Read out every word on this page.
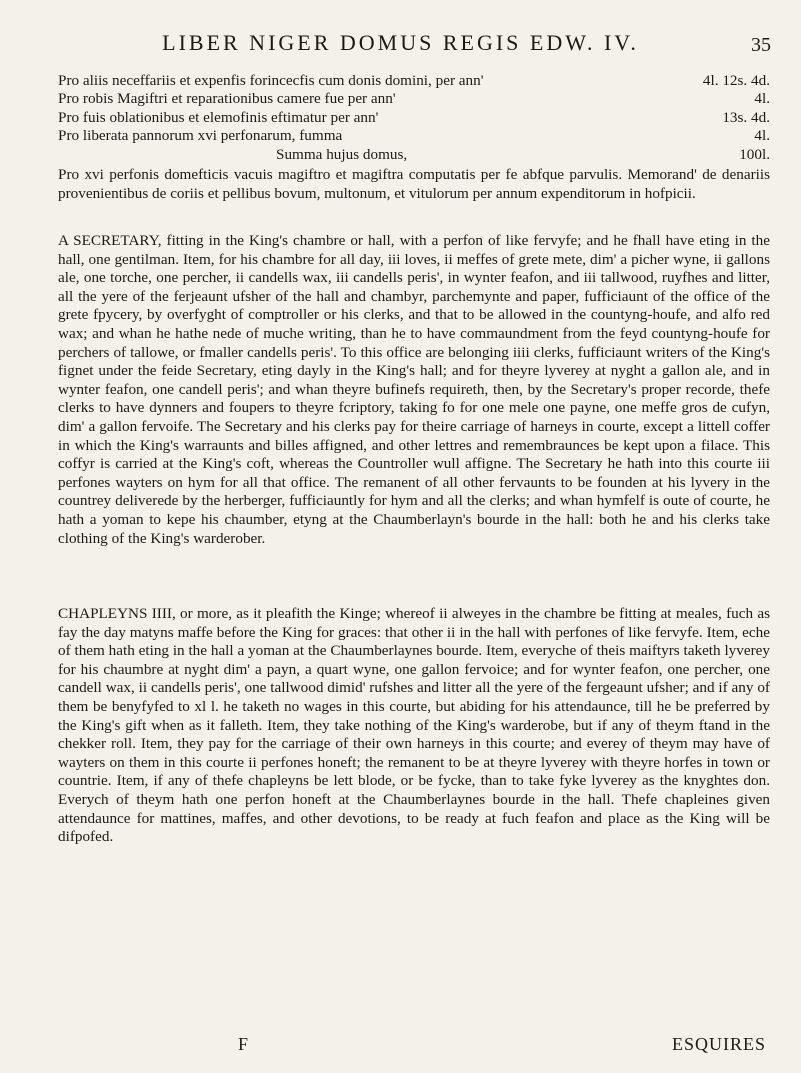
LIBER NIGER DOMUS REGIS EDW. IV.	35
Pro aliis neceffariis et expenfis forincecfis cum donis domini, per ann'	4l. 12s. 4d.
Pro robis Magiftri et reparationibus camere fue per ann'	4l.
Pro fuis oblationibus et elemofinis eftimatur per ann'	13s. 4d.
Pro liberata pannorum xvi perfonarum, fumma	4l.
Summa hujus domus,	100l.

Pro xvi perfonis domefticis vacuis magiftro et magiftra computatis per fe abfque parvulis. Memorand' de denariis provenientibus de coriis et pellibus bovum, multonum, et vitulorum per annum expenditorum in hofpicii.

A SECRETARY, fitting in the King's chambre or hall, with a perfon of like fervyfe; and he fhall have eting in the hall, one gentilman. Item, for his chambre for all day, iii loves, ii meffes of grete mete, dim' a picher wyne, ii gallons ale, one torche, one percher, ii candells wax, iii candells peris', in wynter feafon, and iii tallwood, ruyfhes and litter, all the yere of the ferjeaunt ufsher of the hall and chambyr, parchemynte and paper, fufficiaunt of the office of the grete fpycery, by overfyght of comptroller or his clerks, and that to be allowed in the countyng-houfe, and alfo red wax; and whan he hathe nede of muche writing, than he to have commaundment from the feyd countyng-houfe for perchers of tallowe, or fmaller candells peris'. To this office are belonging iiii clerks, fufficiaunt writers of the King's fignet under the feide Secretary, eting dayly in the King's hall; and for theyre lyverey at nyght a gallon ale, and in wynter feafon, one candell peris'; and whan theyre bufinefs requireth, then, by the Secretary's proper recorde, thefe clerks to have dynners and foupers to theyre fcriptory, taking fo for one mele one payne, one meffe gros de cufyn, dim' a gallon fervoife. The Secretary and his clerks pay for theire carriage of harneys in courte, except a littell coffer in which the King's warraunts and billes affigned, and other lettres and remembraunces be kept upon a filace. This coffyr is carried at the King's coft, whereas the Countroller wull affigne. The Secretary he hath into this courte iii perfones wayters on hym for all that office. The remanent of all other fervaunts to be founden at his lyvery in the countrey deliverede by the herberger, fufficiauntly for hym and all the clerks; and whan hymfelf is oute of courte, he hath a yoman to kepe his chaumber, etyng at the Chaumberlayn's bourde in the hall: both he and his clerks take clothing of the King's warderober.

CHAPLEYNS IIII, or more, as it pleafith the Kinge; whereof ii alweyes in the chambre be fitting at meales, fuch as fay the day matyns maffe before the King for graces: that other ii in the hall with perfones of like fervyfe. Item, eche of them hath eting in the hall a yoman at the Chaumberlaynes bourde. Item, everyche of theis maiftyrs taketh lyverey for his chaumbre at nyght dim' a payn, a quart wyne, one gallon fervoice; and for wynter feafon, one percher, one candell wax, ii candells peris', one tallwood dimid' rufshes and litter all the yere of the fergeaunt ufsher; and if any of them be benyfyfed to xl l. he taketh no wages in this courte, but abiding for his attendaunce, till he be preferred by the King's gift when as it falleth. Item, they take nothing of the King's warderobe, but if any of theym ftand in the chekker roll. Item, they pay for the carriage of their own harneys in this courte; and everey of theym may have of wayters on them in this courte ii perfones honeft; the remanent to be at theyre lyverey with theyre horfes in town or countrie. Item, if any of thefe chapleyns be lett blode, or be fycke, than to take fyke lyverey as the knyghtes don. Everych of theym hath one perfon honeft at the Chaumberlaynes bourde in the hall. Thefe chapleines given attendaunce for mattines, maffes, and other devotions, to be ready at fuch feafon and place as the King will be difpofed.

F	ESQUIRES
